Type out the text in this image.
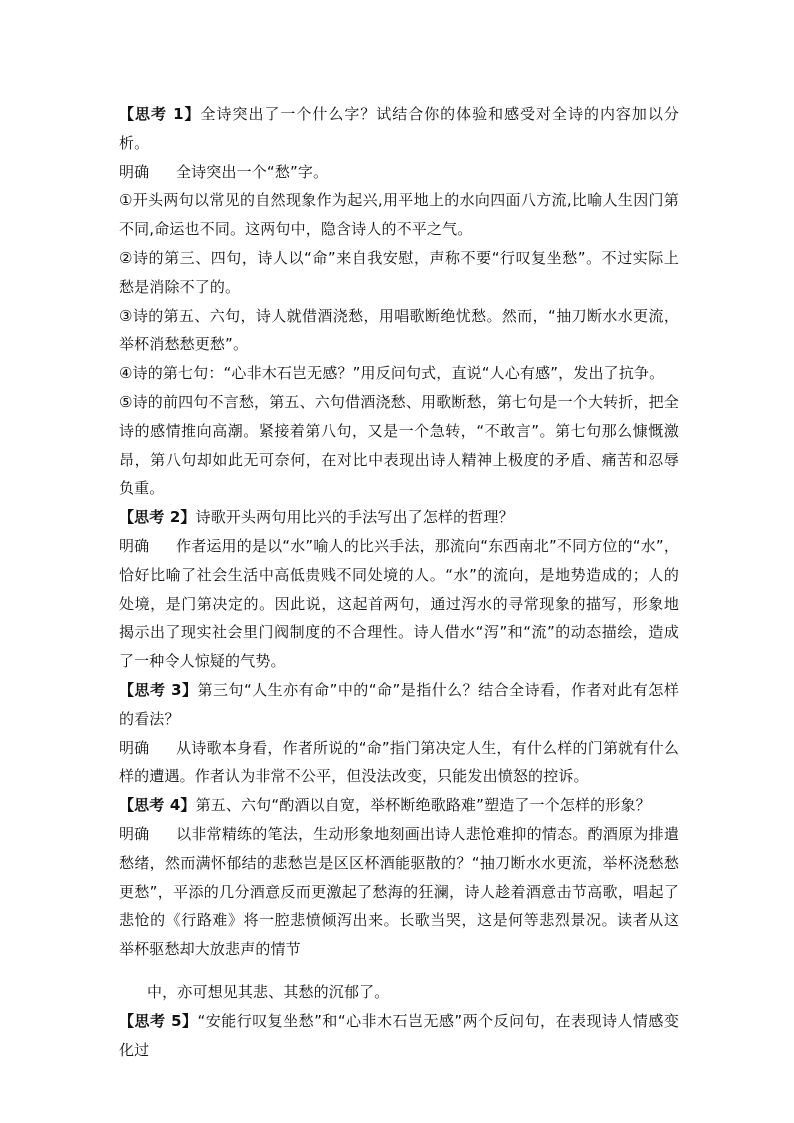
【思考 1】全诗突出了一个什么字？试结合你的体验和感受对全诗的内容加以分析。

明确 全诗突出一个“愁”字。

①开头两句以常见的自然现象作为起兴,用平地上的水向四面八方流,比喻人生因门第不同,命运也不同。这两句中，隐含诗人的不平之气。

②诗的第三、四句，诗人以“命”来自我安慰，声称不要“行叹复坐愁”。不过实际上愁是消除不了的。

③诗的第五、六句，诗人就借酒浇愁，用唱歌断绝忧愁。然而，“抽刀断水水更流，举杯消愁愁更愁”。

④诗的第七句：“心非木石岂无感？”用反问句式，直说“人心有感”，发出了抗争。

⑤诗的前四句不言愁，第五、六句借酒浇愁、用歌断愁，第七句是一个大转折，把全诗的感情推向高潮。紧接着第八句，又是一个急转，“不敢言”。第七句那么慷慨激昂，第八句却如此无可奈何，在对比中表现出诗人精神上极度的矛盾、痛苦和忍辱负重。

【思考 2】诗歌开头两句用比兴的手法写出了怎样的哲理？

明确 作者运用的是以“水”喻人的比兴手法，那流向“东西南北”不同方位的“水”，恰好比喻了社会生活中高低贵贱不同处境的人。“水”的流向，是地势造成的；人的处境，是门第决定的。因此说，这起首两句，通过泻水的寻常现象的描写，形象地揭示出了现实社会里门阀制度的不合理性。诗人借水“泻”和“流”的动态描绘，造成了一种令人惊疑的气势。

【思考 3】第三句“人生亦有命”中的“命”是指什么？结合全诗看，作者对此有怎样的看法？

明确 从诗歌本身看，作者所说的“命”指门第决定人生，有什么样的门第就有什么样的遭遇。作者认为非常不公平，但没法改变，只能发出愤怒的控诉。

【思考 4】第五、六句“酌酒以自宽，举杯断绝歌路难”塑造了一个怎样的形象？

明确 以非常精练的笔法，生动形象地刻画出诗人悲怆难抑的情态。酌酒原为排遣愁绪，然而满怀郁结的悲愁岂是区区杯酒能驱散的？“抽刀断水水更流，举杯浇愁愁更愁”，平添的几分酒意反而更激起了愁海的狂澜，诗人趁着酒意击节高歌，唱起了悲怆的《行路难》将一腔悲愤倾泻出来。长歌当哭，这是何等悲烈景况。读者从这举杯驱愁却大放悲声的情节

中，亦可想见其悲、其愁的沉郁了。

【思考 5】“安能行叹复坐愁”和“心非木石岂无感”两个反问句，在表现诗人情感变化过
